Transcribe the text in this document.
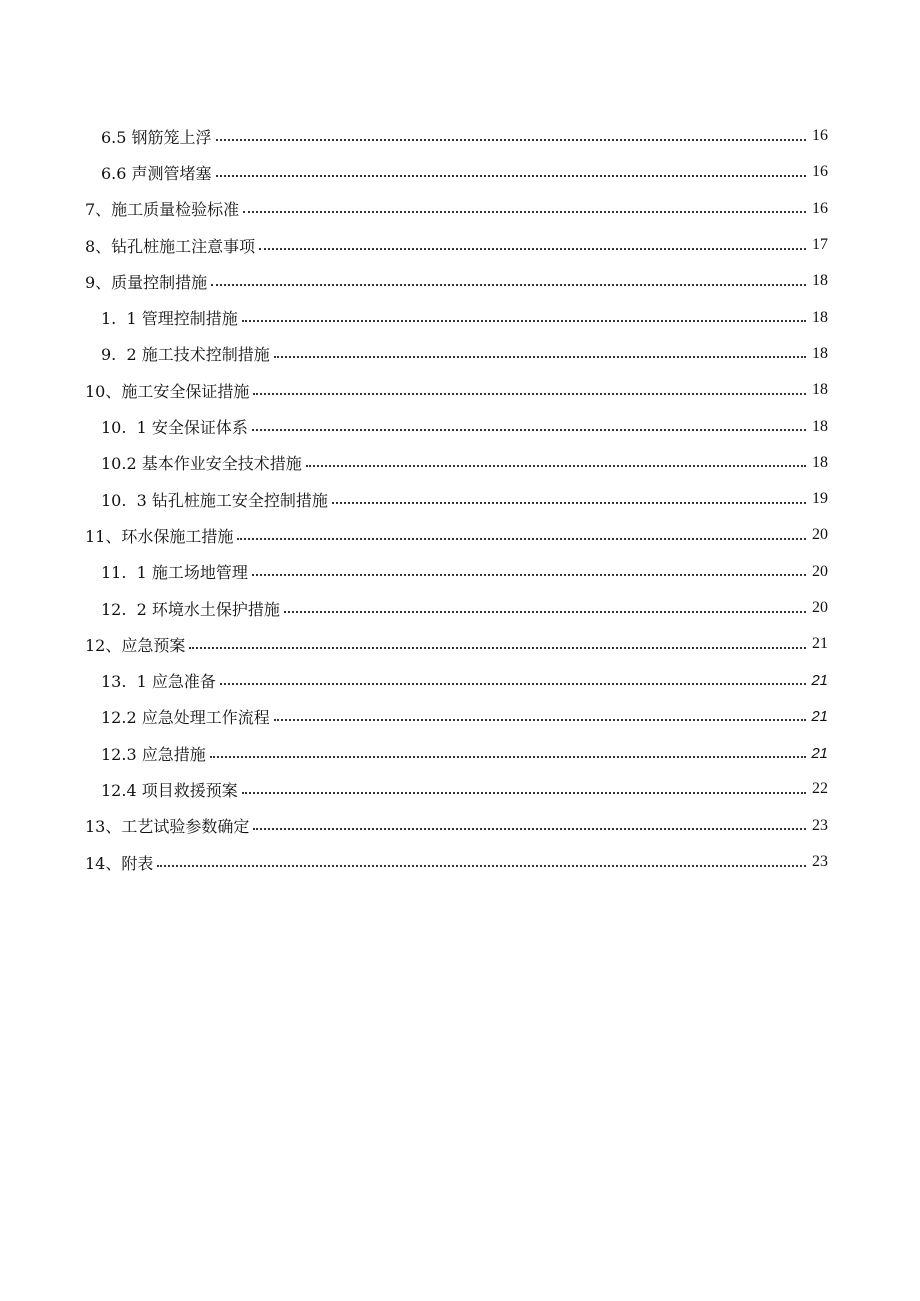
6.5 钢筋笼上浮	16
6.6 声测管堵塞	16
7、施工质量检验标准	16
8、钻孔桩施工注意事项	17
9、质量控制措施	18
1.  1 管理控制措施	18
9.  2 施工技术控制措施	18
10、施工安全保证措施	18
10.  1 安全保证体系	18
10.2 基本作业安全技术措施	18
10.  3 钻孔桩施工安全控制措施	19
11、环水保施工措施	20
11.  1 施工场地管理	20
12.  2 环境水土保护措施	20
12、应急预案	21
13.  1 应急准备	21
12.2 应急处理工作流程	21
12.3 应急措施	21
12.4 项目救援预案	22
13、工艺试验参数确定	23
14、附表	23
